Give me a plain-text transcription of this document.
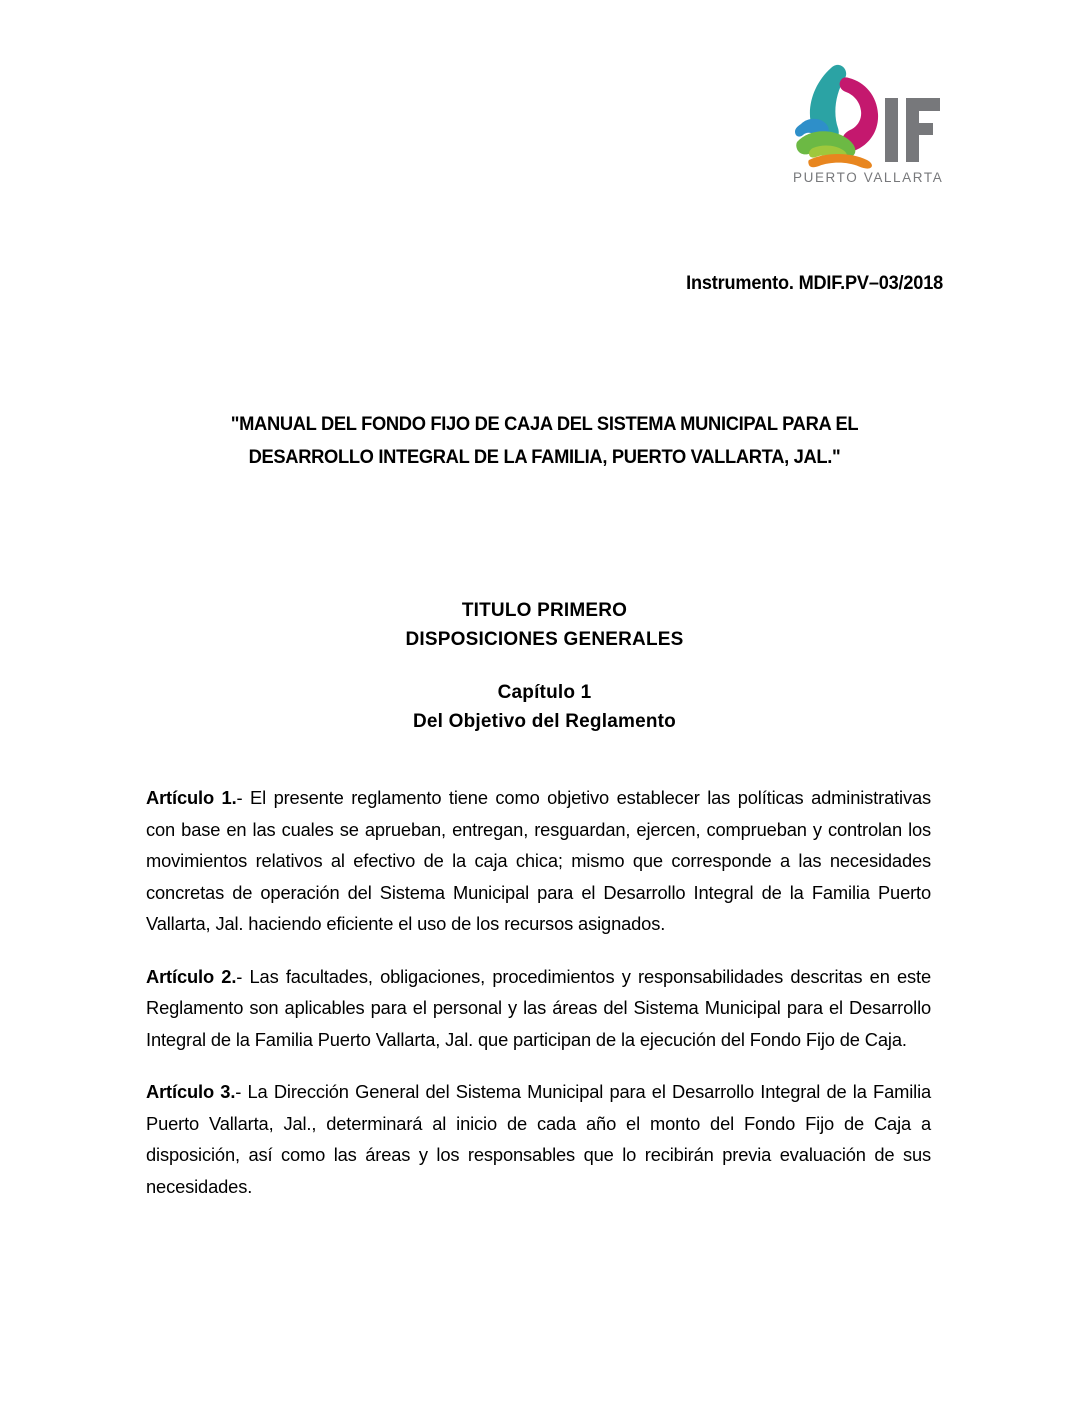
PUERTO VALLARTA
Instrumento. MDIF.PV–03/2018
"MANUAL DEL FONDO FIJO DE CAJA DEL SISTEMA MUNICIPAL PARA EL DESARROLLO INTEGRAL DE LA FAMILIA, PUERTO VALLARTA, JAL."
TITULO PRIMERO
DISPOSICIONES GENERALES
Capítulo 1
Del Objetivo del Reglamento

Artículo 1.- El presente reglamento tiene como objetivo establecer las políticas administrativas con base en las cuales se aprueban, entregan, resguardan, ejercen, comprueban y controlan los movimientos relativos al efectivo de la caja chica; mismo que corresponde a las necesidades concretas de operación del Sistema Municipal para el Desarrollo Integral de la Familia Puerto Vallarta, Jal. haciendo eficiente el uso de los recursos asignados.

Artículo 2.- Las facultades, obligaciones, procedimientos y responsabilidades descritas en este Reglamento son aplicables para el personal y las áreas del Sistema Municipal para el Desarrollo Integral de la Familia Puerto Vallarta, Jal. que participan de la ejecución del Fondo Fijo de Caja.

Artículo 3.- La Dirección General del Sistema Municipal para el Desarrollo Integral de la Familia Puerto Vallarta, Jal., determinará al inicio de cada año el monto del Fondo Fijo de Caja a disposición, así como las áreas y los responsables que lo recibirán previa evaluación de sus necesidades.
